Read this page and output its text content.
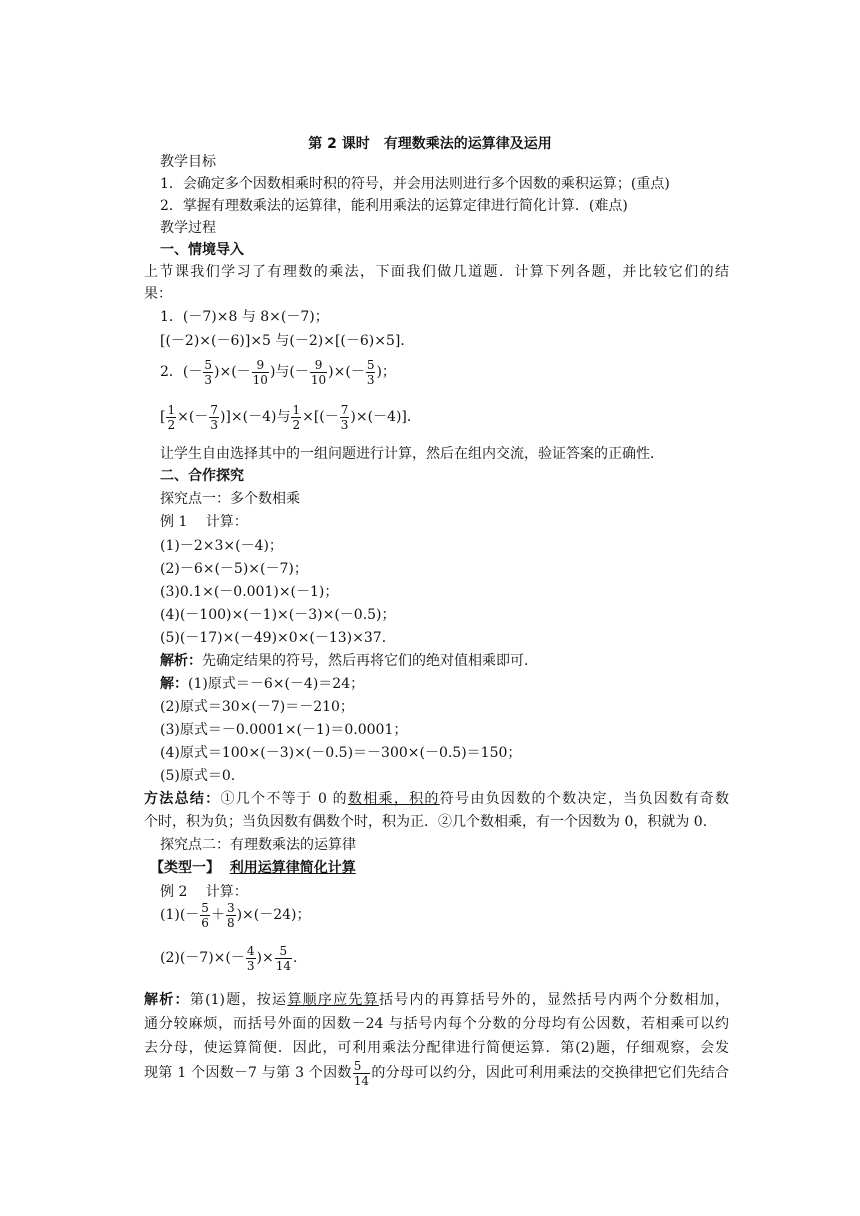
第 2 课时　有理数乘法的运算律及运用
教学目标
1．会确定多个因数相乘时积的符号，并会用法则进行多个因数的乘积运算；(重点)
2．掌握有理数乘法的运算律，能利用乘法的运算定律进行简化计算．(难点)
教学过程
一、情境导入
上节课我们学习了有理数的乘法，下面我们做几道题．计算下列各题，并比较它们的结
果：
1．(－7)×8 与 8×(－7)；
[(－2)×(－6)]×5 与(－2)×[(－6)×5]．
2．(－ $\frac{5}{3}$ )×(－ $\frac{9}{10}$ )与(－ $\frac{9}{10}$ )×(－ $\frac{5}{3}$ )；
[ $\frac{1}{2}$ ×(－ $\frac{7}{3} )]\times(-4)$与 $\frac{1}{2}$ ×[(－ $\frac{7}{3} )\times(-4)$]．
让学生自由选择其中的一组问题进行计算，然后在组内交流，验证答案的正确性．
二、合作探究
探究点一：多个数相乘
例 1　 计算：
(1)－2×3×(－4)；
(2)－6×(－5)×(－7)；
(3)0.1×(－0.001)×(－1)；
(4)(－100)×(－1)×(－3)×(－0.5)；
(5)(－17)×(－49)×0×(－13)×37．
解析：先确定结果的符号，然后再将它们的绝对值相乘即可．
解：(1)原式＝－6×(－4)＝24；
(2)原式＝30×(－7)＝－210；
(3)原式＝－0.0001×(－1)＝0.0001；
(4)原式＝100×(－3)×(－0.5)＝－300×(－0.5)＝150；
(5)原式＝0.
方法总结：①几个不等于 0 的数相乘，积的符号由负因数的个数决定，当负因数有奇数
个时，积为负；当负因数有偶数个时，积为正．②几个数相乘，有一个因数为 0，积就为 0.
探究点二：有理数乘法的运算律
【类型一】 利用运算律简化计算
例 2　 计算：
$(1)(- \frac{5}{6} + \frac{3}{8} )\times(-24)$；
$(2)(-7)\times(- \frac{4}{3}$ )× $\frac{5}{14}$ .
解析：第(1)题，按运算顺序应先算括号内的再算括号外的，显然括号内两个分数相加，
通分较麻烦，而括号外面的因数－24 与括号内每个分数的分母均有公因数，若相乘可以约
去分母，使运算简便．因此，可利用乘法分配律进行简便运算．第(2)题，仔细观察，会发
现第 1 个因数－7 与第 3 个因数 $\frac{5}{14}$ 的分母可以约分，因此可利用乘法的交换律把它们先结合
